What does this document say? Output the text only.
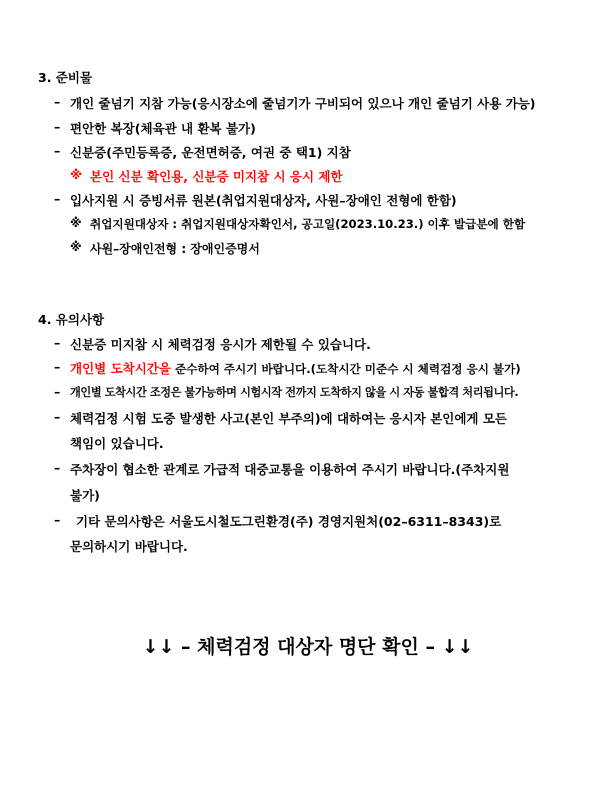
3. 준비물
– 개인 줄넘기 지참 가능(응시장소에 줄넘기가 구비되어 있으나 개인 줄넘기 사용 가능)
– 편안한 복장(체육관 내 환복 불가)
– 신분증(주민등록증, 운전면허증, 여권 중 택1) 지참
※ 본인 신분 확인용, 신분증 미지참 시 응시 제한
– 입사지원 시 증빙서류 원본(취업지원대상자, 사원–장애인 전형에 한함)
※ 취업지원대상자 : 취업지원대상자확인서, 공고일(2023.10.23.) 이후 발급분에 한함
※ 사원–장애인전형 : 장애인증명서
4. 유의사항
– 신분증 미지참 시 체력검정 응시가 제한될 수 있습니다.
– 개인별 도착시간을 준수하여 주시기 바랍니다.(도착시간 미준수 시 체력검정 응시 불가)
– 개인별 도착시간 조정은 불가능하며 시험시작 전까지 도착하지 않을 시 자동 불합격 처리됩니다.
– 체력검정 시험 도중 발생한 사고(본인 부주의)에 대하여는 응시자 본인에게 모든
책임이 있습니다.
– 주차장이 협소한 관계로 가급적 대중교통을 이용하여 주시기 바랍니다.(주차지원
불가)
– 기타 문의사항은 서울도시철도그린환경(주) 경영지원처(02–6311–8343)로
문의하시기 바랍니다.
↓↓ – 체력검정 대상자 명단 확인 – ↓↓
